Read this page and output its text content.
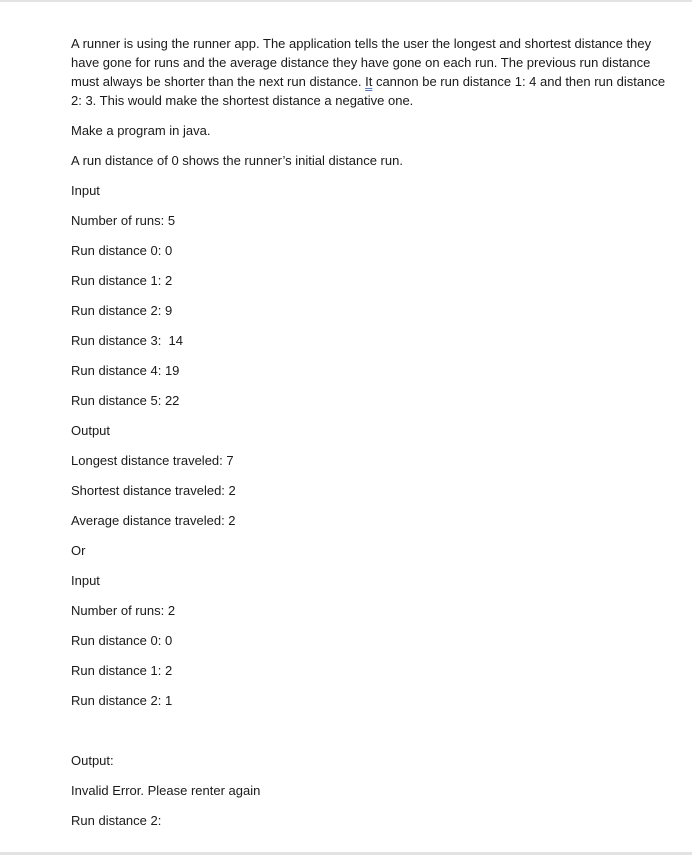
A runner is using the runner app. The application tells the user the longest and shortest distance they have gone for runs and the average distance they have gone on each run. The previous run distance must always be shorter than the next run distance. It cannon be run distance 1: 4 and then run distance 2: 3. This would make the shortest distance a negative one.

Make a program in java.

A run distance of 0 shows the runner’s initial distance run.

Input

Number of runs: 5

Run distance 0: 0

Run distance 1: 2

Run distance 2: 9

Run distance 3:  14

Run distance 4: 19

Run distance 5: 22

Output

Longest distance traveled: 7

Shortest distance traveled: 2

Average distance traveled: 2

Or

Input

Number of runs: 2

Run distance 0: 0

Run distance 1: 2

Run distance 2: 1

Output:

Invalid Error. Please renter again

Run distance 2:
